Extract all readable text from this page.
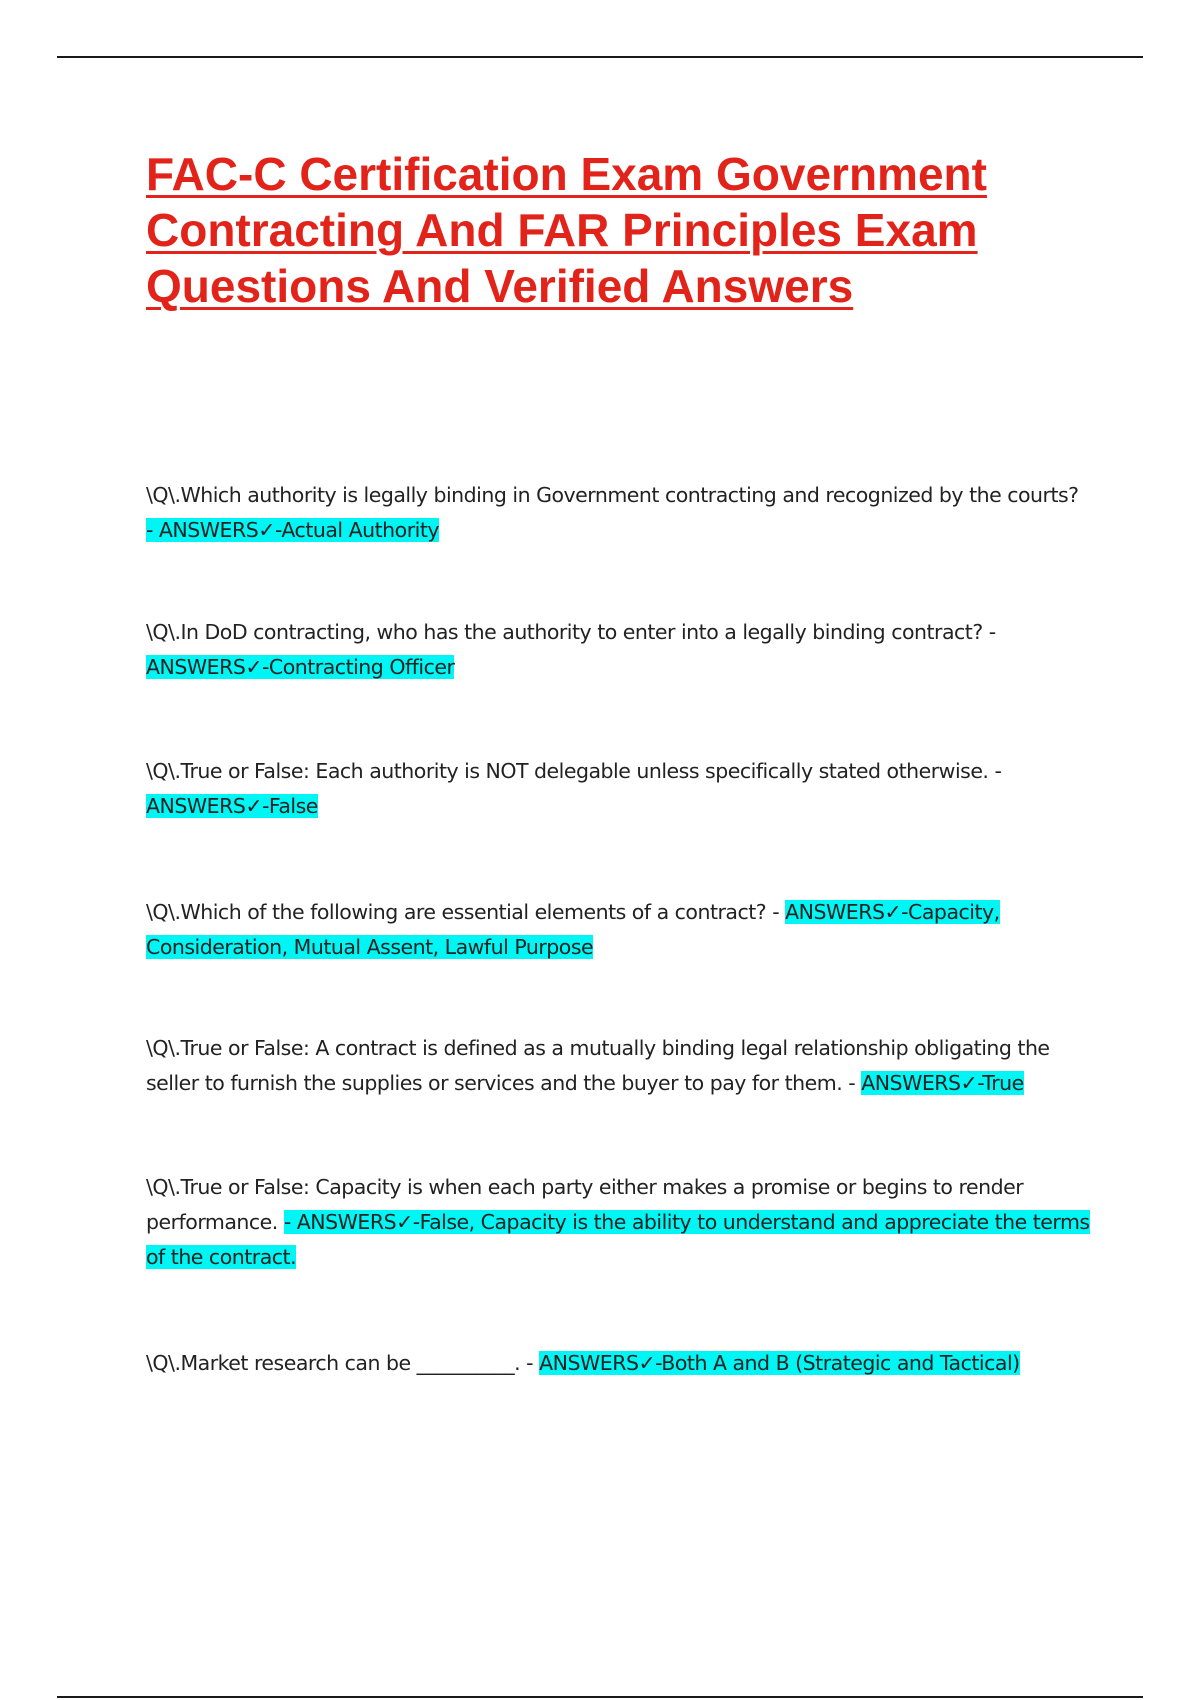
FAC-C Certification Exam Government
Contracting And FAR Principles Exam
Questions And Verified Answers

\Q\.Which authority is legally binding in Government contracting and recognized by the courts? - ANSWERS✓-Actual Authority

\Q\.In DoD contracting, who has the authority to enter into a legally binding contract? - ANSWERS✓-Contracting Officer

\Q\.True or False: Each authority is NOT delegable unless specifically stated otherwise. - ANSWERS✓-False

\Q\.Which of the following are essential elements of a contract? - ANSWERS✓-Capacity, Consideration, Mutual Assent, Lawful Purpose

\Q\.True or False: A contract is defined as a mutually binding legal relationship obligating the seller to furnish the supplies or services and the buyer to pay for them. - ANSWERS✓-True

\Q\.True or False: Capacity is when each party either makes a promise or begins to render performance. - ANSWERS✓-False, Capacity is the ability to understand and appreciate the terms of the contract.

\Q\.Market research can be __________. - ANSWERS✓-Both A and B (Strategic and Tactical)
